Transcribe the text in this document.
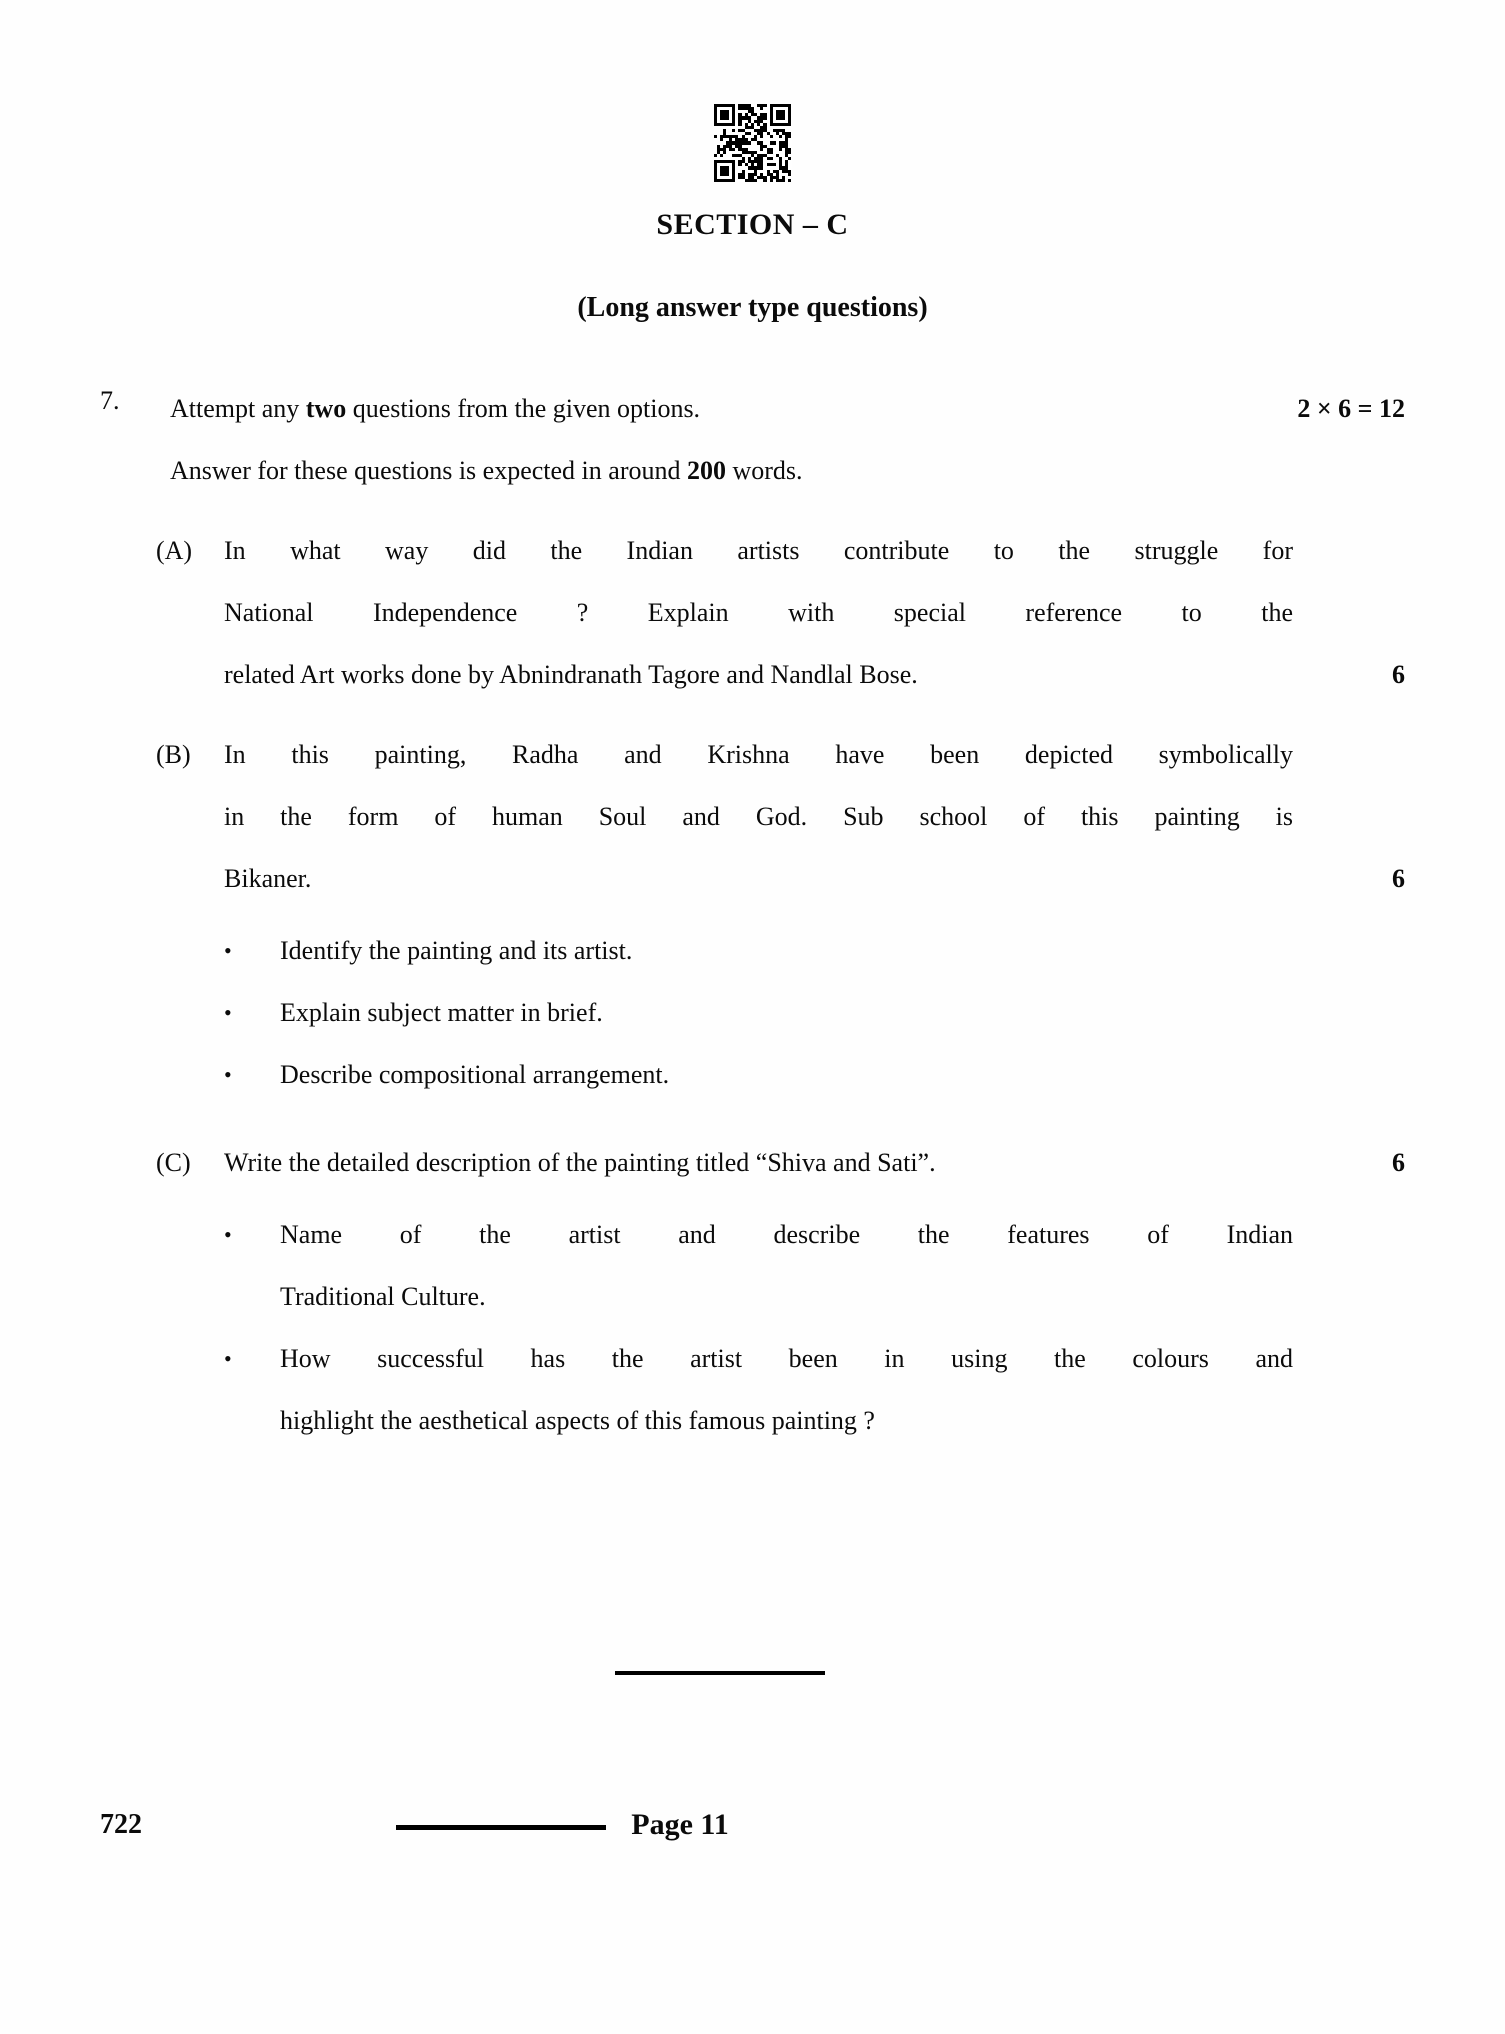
SECTION – C
(Long answer type questions)
7.	Attempt any two questions from the given options.
Answer for these questions is expected in around 200 words.
2 × 6 = 12
(A)	In what way did the Indian artists contribute to the struggle for
National Independence ? Explain with special reference to the
related Art works done by Abnindranath Tagore and Nandlal Bose.	6
(B)	In this painting, Radha and Krishna have been depicted symbolically
in the form of human Soul and God. Sub school of this painting is
Bikaner.	6
•	Identify the painting and its artist.
•	Explain subject matter in brief.
•	Describe compositional arrangement.
(C)	Write the detailed description of the painting titled “Shiva and Sati”.	6
•	Name of the artist and describe the features of Indian
Traditional Culture.
•	How successful has the artist been in using the colours and
highlight the aesthetical aspects of this famous painting ?
722	Page 11
